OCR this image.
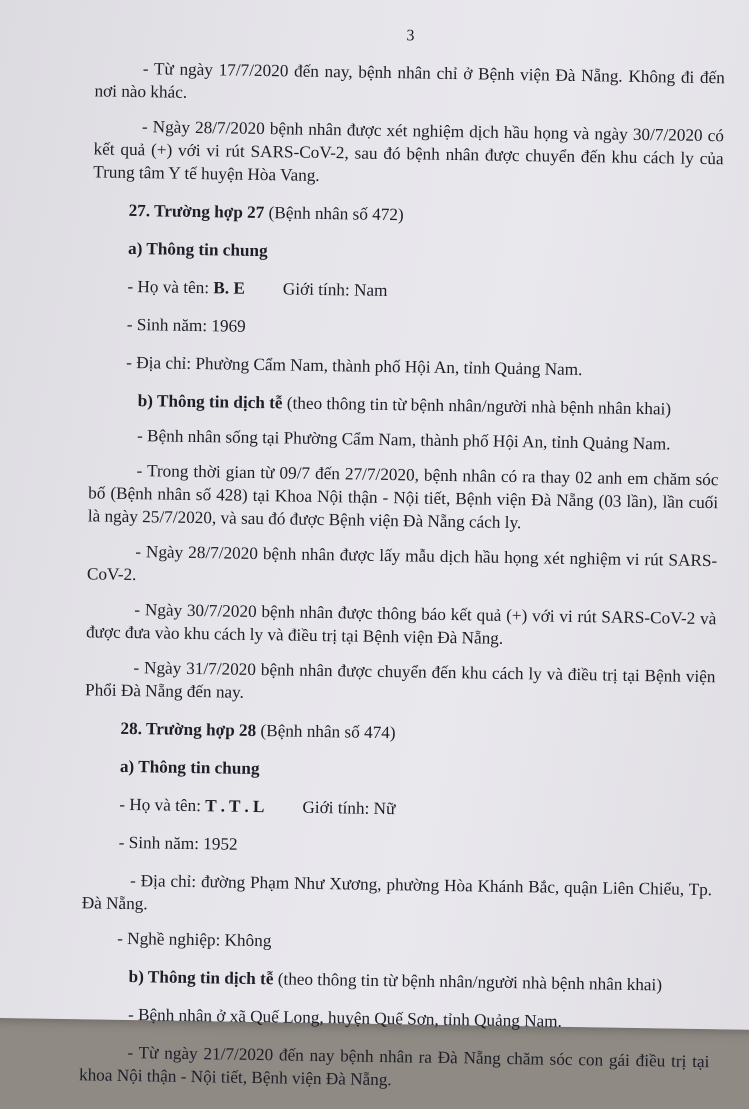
3

- Từ ngày 17/7/2020 đến nay, bệnh nhân chỉ ở Bệnh viện Đà Nẵng. Không đi đến nơi nào khác.

- Ngày 28/7/2020 bệnh nhân được xét nghiệm dịch hầu họng và ngày 30/7/2020 có kết quả (+) với vi rút SARS-CoV-2, sau đó bệnh nhân được chuyển đến khu cách ly của Trung tâm Y tế huyện Hòa Vang.

27. Trường hợp 27 (Bệnh nhân số 472)

a) Thông tin chung

- Họ và tên: B. E Giới tính: Nam

- Sinh năm: 1969

- Địa chỉ: Phường Cẩm Nam, thành phố Hội An, tỉnh Quảng Nam.

b) Thông tin dịch tễ (theo thông tin từ bệnh nhân/người nhà bệnh nhân khai)

- Bệnh nhân sống tại Phường Cẩm Nam, thành phố Hội An, tỉnh Quảng Nam.

- Trong thời gian từ 09/7 đến 27/7/2020, bệnh nhân có ra thay 02 anh em chăm sóc bố (Bệnh nhân số 428) tại Khoa Nội thận - Nội tiết, Bệnh viện Đà Nẵng (03 lần), lần cuối là ngày 25/7/2020, và sau đó được Bệnh viện Đà Nẵng cách ly.

- Ngày 28/7/2020 bệnh nhân được lấy mẫu dịch hầu họng xét nghiệm vi rút SARS-CoV-2.

- Ngày 30/7/2020 bệnh nhân được thông báo kết quả (+) với vi rút SARS-CoV-2 và được đưa vào khu cách ly và điều trị tại Bệnh viện Đà Nẵng.

- Ngày 31/7/2020 bệnh nhân được chuyển đến khu cách ly và điều trị tại Bệnh viện Phổi Đà Nẵng đến nay.

28. Trường hợp 28 (Bệnh nhân số 474)

a) Thông tin chung

- Họ và tên: T . T . L Giới tính: Nữ

- Sinh năm: 1952

- Địa chỉ: đường Phạm Như Xương, phường Hòa Khánh Bắc, quận Liên Chiểu, Tp. Đà Nẵng.

- Nghề nghiệp: Không

b) Thông tin dịch tễ (theo thông tin từ bệnh nhân/người nhà bệnh nhân khai)

- Bệnh nhân ở xã Quế Long, huyện Quế Sơn, tỉnh Quảng Nam.

- Từ ngày 21/7/2020 đến nay bệnh nhân ra Đà Nẵng chăm sóc con gái điều trị tại khoa Nội thận - Nội tiết, Bệnh viện Đà Nẵng.
